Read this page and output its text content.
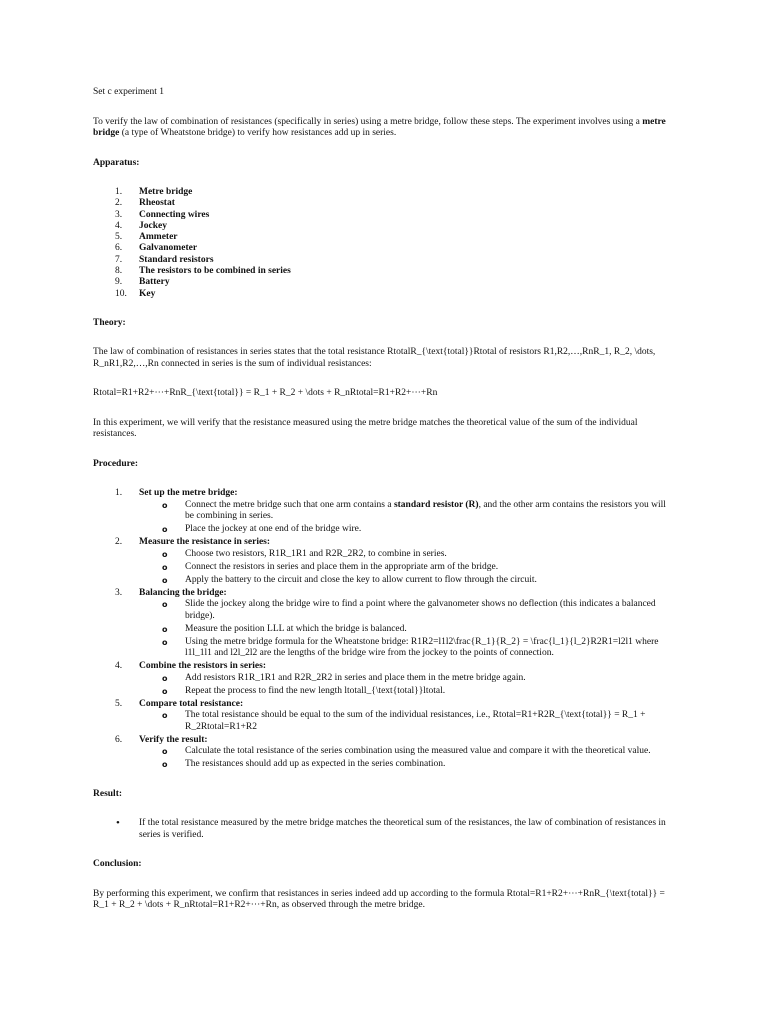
Set c experiment 1

To verify the law of combination of resistances (specifically in series) using a metre bridge, follow these steps. The experiment involves using a metre bridge (a type of Wheatstone bridge) to verify how resistances add up in series.

Apparatus:
1. Metre bridge
2. Rheostat
3. Connecting wires
4. Jockey
5. Ammeter
6. Galvanometer
7. Standard resistors
8. The resistors to be combined in series
9. Battery
10. Key
Theory:

The law of combination of resistances in series states that the total resistance RtotalR_{\text{total}}Rtotal of resistors R1,R2,…,RnR_1, R_2, \dots, R_nR1,R2,…,Rn connected in series is the sum of individual resistances:

Rtotal=R1+R2+⋯+RnR_{\text{total}} = R_1 + R_2 + \dots + R_nRtotal=R1+R2+⋯+Rn

In this experiment, we will verify that the resistance measured using the metre bridge matches the theoretical value of the sum of the individual resistances.

Procedure:
1. Set up the metre bridge:
o Connect the metre bridge such that one arm contains a standard resistor (R), and the other arm contains the resistors you will be combining in series.
o Place the jockey at one end of the bridge wire.
2. Measure the resistance in series:
o Choose two resistors, R1R_1R1 and R2R_2R2, to combine in series.
o Connect the resistors in series and place them in the appropriate arm of the bridge.
o Apply the battery to the circuit and close the key to allow current to flow through the circuit.
3. Balancing the bridge:
o Slide the jockey along the bridge wire to find a point where the galvanometer shows no deflection (this indicates a balanced bridge).
o Measure the position LLL at which the bridge is balanced.
o Using the metre bridge formula for the Wheatstone bridge: R1R2=l1l2\frac{R_1}{R_2} = \frac{l_1}{l_2}R2R1=l2l1 where l1l_1l1 and l2l_2l2 are the lengths of the bridge wire from the jockey to the points of connection.
4. Combine the resistors in series:
o Add resistors R1R_1R1 and R2R_2R2 in series and place them in the metre bridge again.
o Repeat the process to find the new length ltotall_{\text{total}}ltotal.
5. Compare total resistance:
o The total resistance should be equal to the sum of the individual resistances, i.e., Rtotal=R1+R2R_{\text{total}} = R_1 + R_2Rtotal=R1+R2
6. Verify the result:
o Calculate the total resistance of the series combination using the measured value and compare it with the theoretical value.
o The resistances should add up as expected in the series combination.
Result:
• If the total resistance measured by the metre bridge matches the theoretical sum of the resistances, the law of combination of resistances in series is verified.
Conclusion:

By performing this experiment, we confirm that resistances in series indeed add up according to the formula Rtotal=R1+R2+⋯+RnR_{\text{total}} = R_1 + R_2 + \dots + R_nRtotal=R1+R2+⋯+Rn, as observed through the metre bridge.
